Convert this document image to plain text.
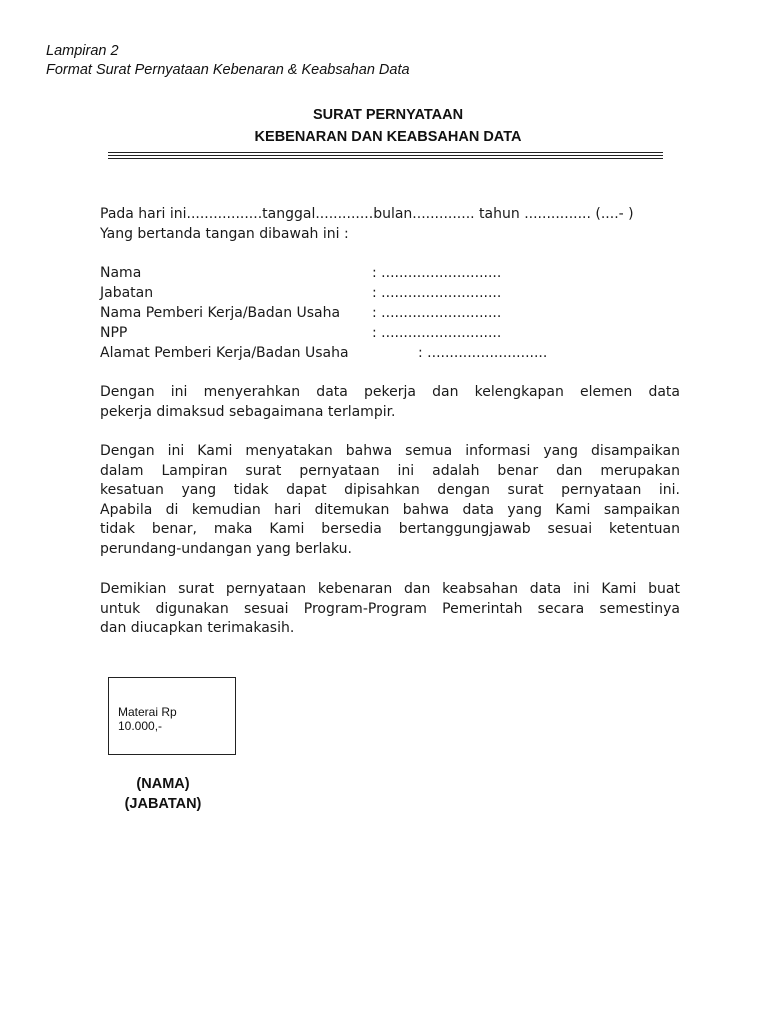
Lampiran 2
Format Surat Pernyataan Kebenaran & Keabsahan Data
SURAT PERNYATAAN
KEBENARAN DAN KEABSAHAN DATA
Pada hari ini.................tanggal.............bulan.............. tahun ............... (....- )
Yang bertanda tangan dibawah ini :
Nama	: ...........................
Jabatan	: ...........................
Nama Pemberi Kerja/Badan Usaha : ...........................
NPP	: ...........................
Alamat Pemberi Kerja/Badan Usaha	: ...........................
Dengan ini menyerahkan data pekerja dan kelengkapan elemen data
pekerja dimaksud sebagaimana terlampir.
Dengan ini Kami menyatakan bahwa semua informasi yang disampaikan
dalam Lampiran surat pernyataan ini adalah benar dan merupakan
kesatuan yang tidak dapat dipisahkan dengan surat pernyataan ini.
Apabila di kemudian hari ditemukan bahwa data yang Kami sampaikan
tidak benar, maka Kami bersedia bertanggungjawab sesuai ketentuan
perundang-undangan yang berlaku.
Demikian surat pernyataan kebenaran dan keabsahan data ini Kami buat
untuk digunakan sesuai Program-Program Pemerintah secara semestinya
dan diucapkan terimakasih.
Materai Rp
10.000,-
(NAMA)
(JABATAN)
